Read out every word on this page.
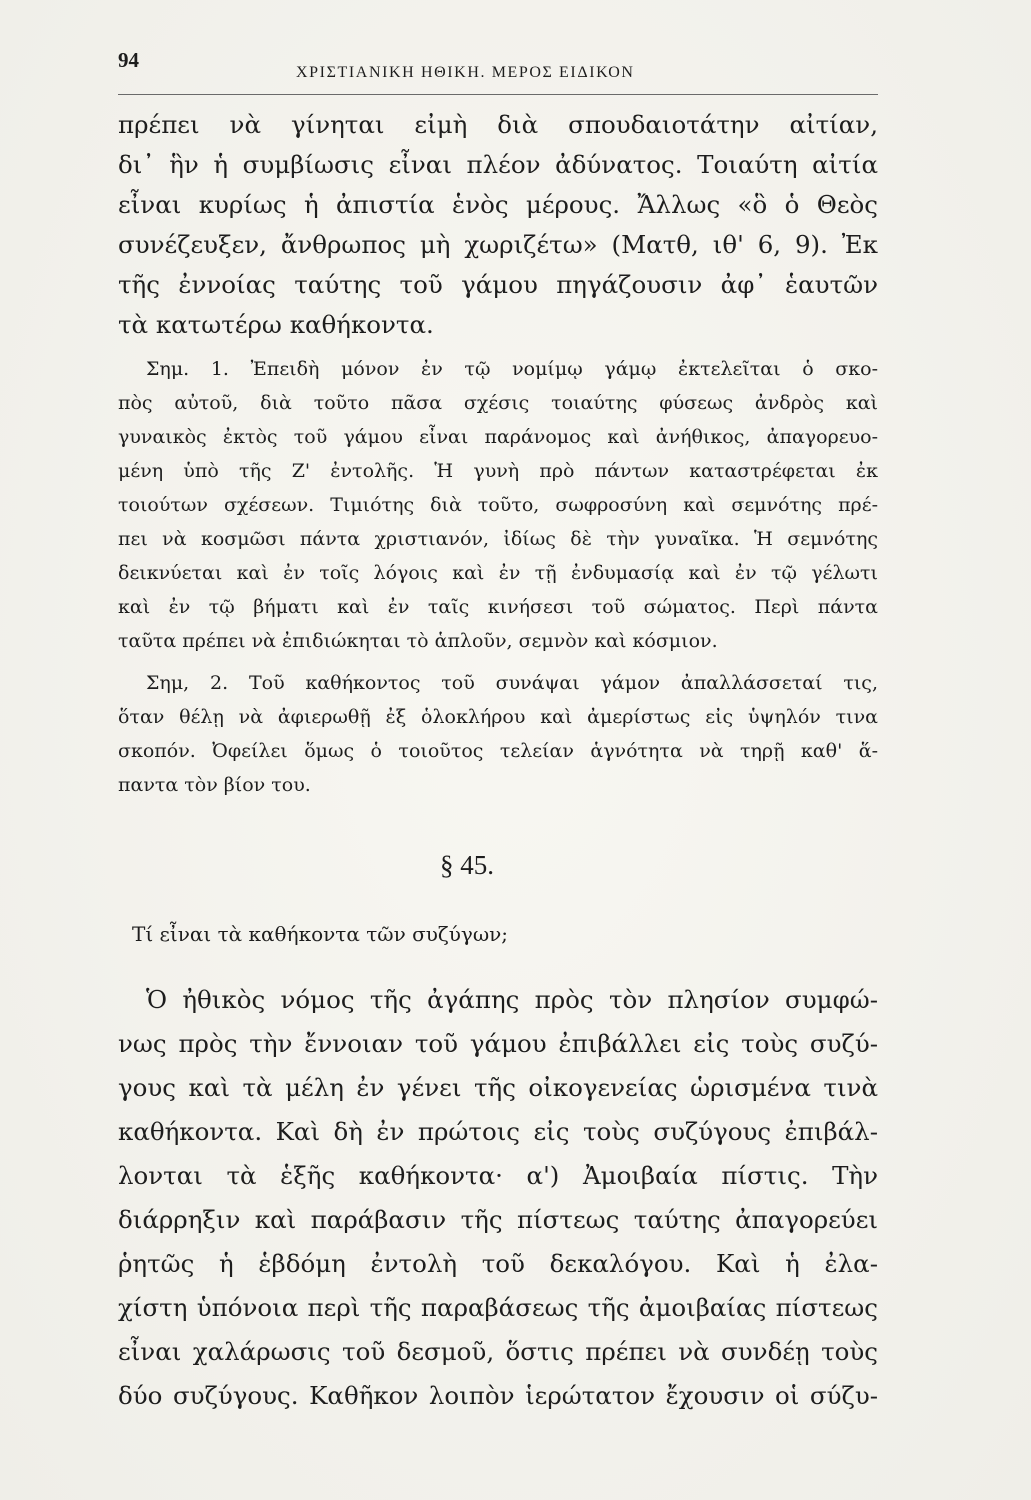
94
ΧΡΙΣΤΙΑΝΙΚΗ ΗΘΙΚΗ. ΜΕΡΟΣ ΕΙΔΙΚΟΝ
πρέπει νὰ γίνηται εἰμὴ διὰ σπουδαιοτάτην αἰτίαν,
δι᾽ ἣν ἡ συμβίωσις εἶναι πλέον ἀδύνατος. Τοιαύτη αἰτία
εἶναι κυρίως ἡ ἀπιστία ἑνὸς μέρους. Ἄλλως «ὃ ὁ Θεὸς
συνέζευξεν, ἄνθρωπος μὴ χωριζέτω» (Ματθ, ιθ' 6, 9). Ἐκ
τῆς ἐννοίας ταύτης τοῦ γάμου πηγάζουσιν ἀφ᾽ ἑαυτῶν
τὰ κατωτέρω καθήκοντα.
Σημ. 1. Ἐπειδὴ μόνον ἐν τῷ νομίμῳ γάμῳ ἐκτελεῖται ὁ σκο-
πὸς αὐτοῦ, διὰ τοῦτο πᾶσα σχέσις τοιαύτης φύσεως ἀνδρὸς καὶ
γυναικὸς ἐκτὸς τοῦ γάμου εἶναι παράνομος καὶ ἀνήθικος, ἀπαγορευο-
μένη ὑπὸ τῆς Ζ' ἐντολῆς. Ἡ γυνὴ πρὸ πάντων καταστρέφεται ἐκ
τοιούτων σχέσεων. Τιμιότης διὰ τοῦτο, σωφροσύνη καὶ σεμνότης πρέ-
πει νὰ κοσμῶσι πάντα χριστιανόν, ἰδίως δὲ τὴν γυναῖκα. Ἡ σεμνότης
δεικνύεται καὶ ἐν τοῖς λόγοις καὶ ἐν τῇ ἐνδυμασίᾳ καὶ ἐν τῷ γέλωτι
καὶ ἐν τῷ βήματι καὶ ἐν ταῖς κινήσεσι τοῦ σώματος. Περὶ πάντα
ταῦτα πρέπει νὰ ἐπιδιώκηται τὸ ἁπλοῦν, σεμνὸν καὶ κόσμιον.
Σημ, 2. Τοῦ καθήκοντος τοῦ συνάψαι γάμον ἀπαλλάσσεταί τις,
ὅταν θέλῃ νὰ ἀφιερωθῇ ἐξ ὁλοκλήρου καὶ ἀμερίστως εἰς ὑψηλόν τινα
σκοπόν. Ὀφείλει ὅμως ὁ τοιοῦτος τελείαν ἁγνότητα νὰ τηρῇ καθ' ἅ-
παντα τὸν βίον του.
§ 45.
Τί εἶναι τὰ καθήκοντα τῶν συζύγων;
Ὁ ἠθικὸς νόμος τῆς ἀγάπης πρὸς τὸν πλησίον συμφώ-
νως πρὸς τὴν ἔννοιαν τοῦ γάμου ἐπιβάλλει εἰς τοὺς συζύ-
γους καὶ τὰ μέλη ἐν γένει τῆς οἰκογενείας ὡρισμένα τινὰ
καθήκοντα. Καὶ δὴ ἐν πρώτοις εἰς τοὺς συζύγους ἐπιβάλ-
λονται τὰ ἑξῆς καθήκοντα· α') Ἀμοιβαία πίστις. Τὴν
διάρρηξιν καὶ παράβασιν τῆς πίστεως ταύτης ἀπαγορεύει
ῥητῶς ἡ ἑβδόμη ἐντολὴ τοῦ δεκαλόγου. Καὶ ἡ ἐλα-
χίστη ὑπόνοια περὶ τῆς παραβάσεως τῆς ἀμοιβαίας πίστεως
εἶναι χαλάρωσις τοῦ δεσμοῦ, ὅστις πρέπει νὰ συνδέῃ τοὺς
δύο συζύγους. Καθῆκον λοιπὸν ἱερώτατον ἔχουσιν οἱ σύζυ-
